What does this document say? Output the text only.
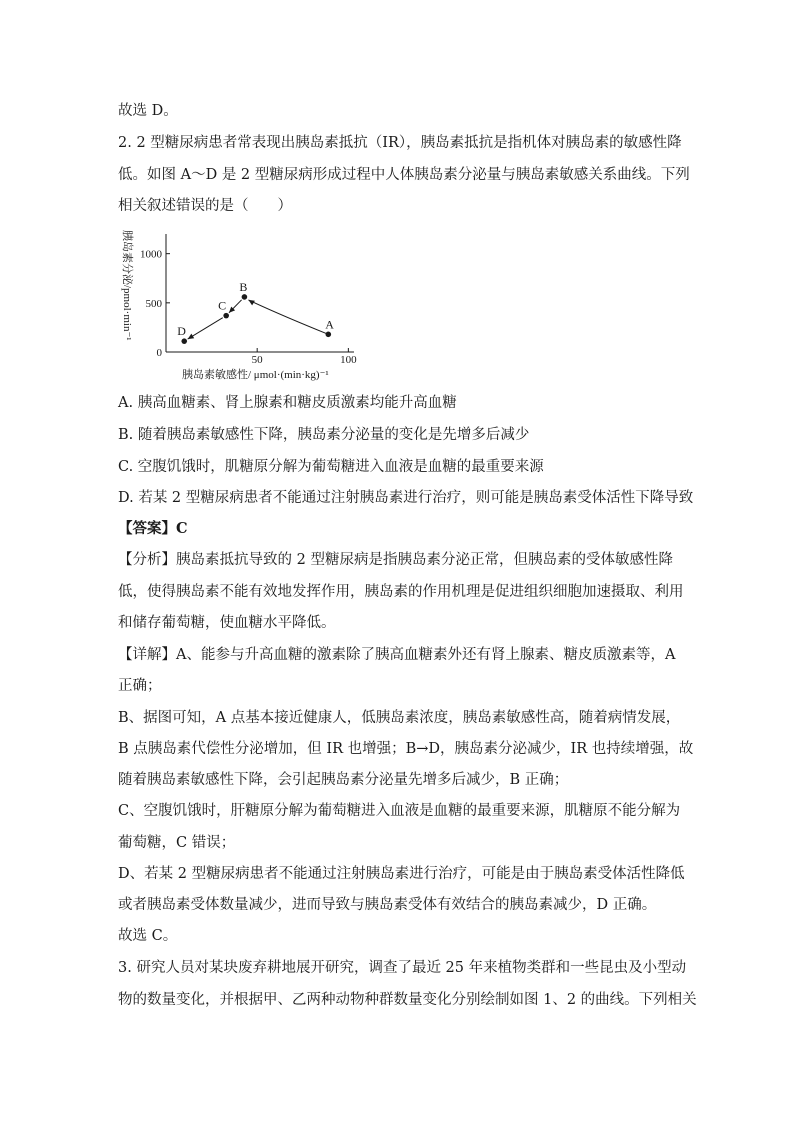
故选 D。
2. 2 型糖尿病患者常表现出胰岛素抵抗（IR），胰岛素抵抗是指机体对胰岛素的敏感性降
低。如图 A～D 是 2 型糖尿病形成过程中人体胰岛素分泌量与胰岛素敏感关系曲线。下列
相关叙述错误的是（　　）
胰岛素分泌/pmol·min⁻¹
0
500
1000
50	100
A
B
C
D
胰岛素敏感性/ μmol·(min·kg)⁻¹
A. 胰高血糖素、肾上腺素和糖皮质激素均能升高血糖
B. 随着胰岛素敏感性下降，胰岛素分泌量的变化是先增多后减少
C. 空腹饥饿时，肌糖原分解为葡萄糖进入血液是血糖的最重要来源
D. 若某 2 型糖尿病患者不能通过注射胰岛素进行治疗，则可能是胰岛素受体活性下降导致
【答案】C
【分析】胰岛素抵抗导致的 2 型糖尿病是指胰岛素分泌正常，但胰岛素的受体敏感性降
低，使得胰岛素不能有效地发挥作用，胰岛素的作用机理是促进组织细胞加速摄取、利用
和储存葡萄糖，使血糖水平降低。
【详解】A、能参与升高血糖的激素除了胰高血糖素外还有肾上腺素、糖皮质激素等，A
正确；
B、据图可知，A 点基本接近健康人，低胰岛素浓度，胰岛素敏感性高，随着病情发展，
B 点胰岛素代偿性分泌增加，但 IR 也增强；B→D，胰岛素分泌减少，IR 也持续增强，故
随着胰岛素敏感性下降，会引起胰岛素分泌量先增多后减少，B 正确；
C、空腹饥饿时，肝糖原分解为葡萄糖进入血液是血糖的最重要来源，肌糖原不能分解为
葡萄糖，C 错误；
D、若某 2 型糖尿病患者不能通过注射胰岛素进行治疗，可能是由于胰岛素受体活性降低
或者胰岛素受体数量减少，进而导致与胰岛素受体有效结合的胰岛素减少，D 正确。
故选 C。
3. 研究人员对某块废弃耕地展开研究，调查了最近 25 年来植物类群和一些昆虫及小型动
物的数量变化，并根据甲、乙两种动物种群数量变化分别绘制如图 1、2 的曲线。下列相关
